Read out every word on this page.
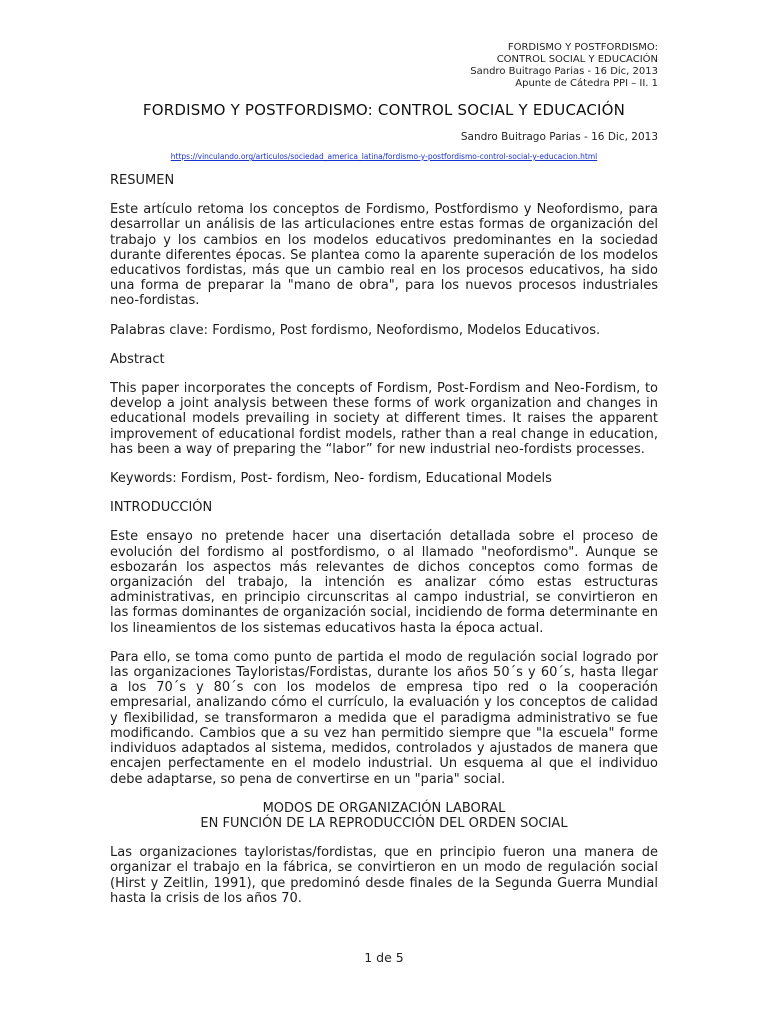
FORDISMO Y POSTFORDISMO:
CONTROL SOCIAL Y EDUCACIÓN
Sandro Buitrago Parias - 16 Dic, 2013
Apunte de Cátedra PPI – II. 1
FORDISMO Y POSTFORDISMO: CONTROL SOCIAL Y EDUCACIÓN
Sandro Buitrago Parias - 16 Dic, 2013
https://vinculando.org/articulos/sociedad_america_latina/fordismo-y-postfordismo-control-social-y-educacion.html

RESUMEN

Este artículo retoma los conceptos de Fordismo, Postfordismo y Neofordismo, para desarrollar un análisis de las articulaciones entre estas formas de organización del trabajo y los cambios en los modelos educativos predominantes en la sociedad durante diferentes épocas. Se plantea como la aparente superación de los modelos educativos fordistas, más que un cambio real en los procesos educativos, ha sido una forma de preparar la "mano de obra", para los nuevos procesos industriales neo-fordistas.

Palabras clave: Fordismo, Post fordismo, Neofordismo, Modelos Educativos.

Abstract

This paper incorporates the concepts of Fordism, Post-Fordism and Neo-Fordism, to develop a joint analysis between these forms of work organization and changes in educational models prevailing in society at different times. It raises the apparent improvement of educational fordist models, rather than a real change in education, has been a way of preparing the “labor” for new industrial neo-fordists processes.

Keywords: Fordism, Post- fordism, Neo- fordism, Educational Models

INTRODUCCIÓN

Este ensayo no pretende hacer una disertación detallada sobre el proceso de evolución del fordismo al postfordismo, o al llamado "neofordismo". Aunque se esbozarán los aspectos más relevantes de dichos conceptos como formas de organización del trabajo, la intención es analizar cómo estas estructuras administrativas, en principio circunscritas al campo industrial, se convirtieron en las formas dominantes de organización social, incidiendo de forma determinante en los lineamientos de los sistemas educativos hasta la época actual.

Para ello, se toma como punto de partida el modo de regulación social logrado por las organizaciones Tayloristas/Fordistas, durante los años 50´s y 60´s, hasta llegar a los 70´s y 80´s con los modelos de empresa tipo red o la cooperación empresarial, analizando cómo el currículo, la evaluación y los conceptos de calidad y flexibilidad, se transformaron a medida que el paradigma administrativo se fue modificando. Cambios que a su vez han permitido siempre que "la escuela" forme individuos adaptados al sistema, medidos, controlados y ajustados de manera que encajen perfectamente en el modelo industrial. Un esquema al que el individuo debe adaptarse, so pena de convertirse en un "paria" social.

MODOS DE ORGANIZACIÓN LABORAL
EN FUNCIÓN DE LA REPRODUCCIÓN DEL ORDEN SOCIAL

Las organizaciones tayloristas/fordistas, que en principio fueron una manera de organizar el trabajo en la fábrica, se convirtieron en un modo de regulación social (Hirst y Zeitlin, 1991), que predominó desde finales de la Segunda Guerra Mundial hasta la crisis de los años 70.

1 de 5
